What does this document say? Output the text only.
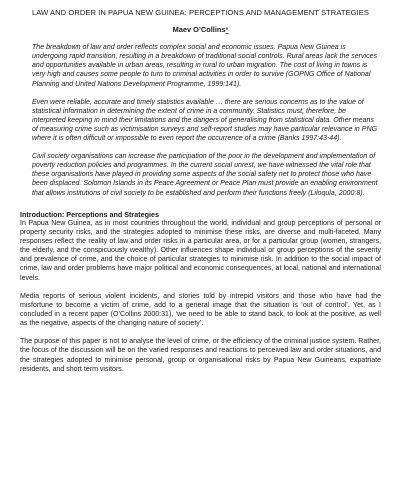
LAW AND ORDER IN PAPUA NEW GUINEA: PERCEPTIONS AND MANAGEMENT STRATEGIES
Maev O’Collins*

The breakdown of law and order reflects complex social and economic issues. Papua New Guinea is undergoing rapid transition, resulting in a breakdown of traditional social controls. Rural areas lack the services and opportunities available in urban areas, resulting in rural to urban migration. The cost of living in towns is very high and causes some people to turn to criminal activities in order to survive (GOPNG Office of National Planning and United Nations Development Programme, 1999:141).

Even were reliable, accurate and timely statistics available … there are serious concerns as to the value of statistical information in determining the extent of crime in a community. Statistics must, therefore, be interpreted keeping in mind their limitations and the dangers of generalising from statistical data. Other means of measuring crime such as victimisation surveys and self-report studies may have particular relevance in PNG where it is often difficult or impossible to even report the occurrence of a crime (Banks 1997:43-44).

Civil society organisations can increase the participation of the poor in the development and implementation of poverty reduction policies and programmes. In the current social unrest, we have witnessed the vital role that these organisations have played in providing some aspects of the social safety net to protect those who have been displaced. Solomon Islands in its Peace Agreement or Peace Plan must provide an enabling environment that allows institutions of civil society to be established and perform their functions freely (Liloqula, 2000:8).

Introduction: Perceptions and Strategies

In Papua New Guinea, as in most countries throughout the world, individual and group perceptions of personal or property security risks, and the strategies adopted to minimise these risks, are diverse and multi-faceted. Many responses reflect the reality of law and order risks in a particular area, or for a particular group (women, strangers, the elderly, and the conspicuously wealthy). Other influences shape individual or group perceptions of the severity and prevalence of crime, and the choice of particular strategies to minimise risk. In addition to the social impact of crime, law and order problems have major political and economic consequences, at local, national and international levels.

Media reports of serious violent incidents, and stories told by intrepid visitors and those who have had the misfortune to become a victim of crime, add to a general image that the situation is ‘out of control’. Yet, as I concluded in a recent paper (O’Collins 2000:31), ‘we need to be able to stand back, to look at the positive, as well as the negative, aspects of the changing nature of society’.

The purpose of this paper is not to analyse the level of crime, or the efficiency of the criminal justice system. Rather, the focus of the discussion will be on the varied responses and reactions to perceived law and order situations, and the strategies adopted to minimise personal, group or organisational risks by Papua New Guineans, expatriate residents, and short term visitors.
